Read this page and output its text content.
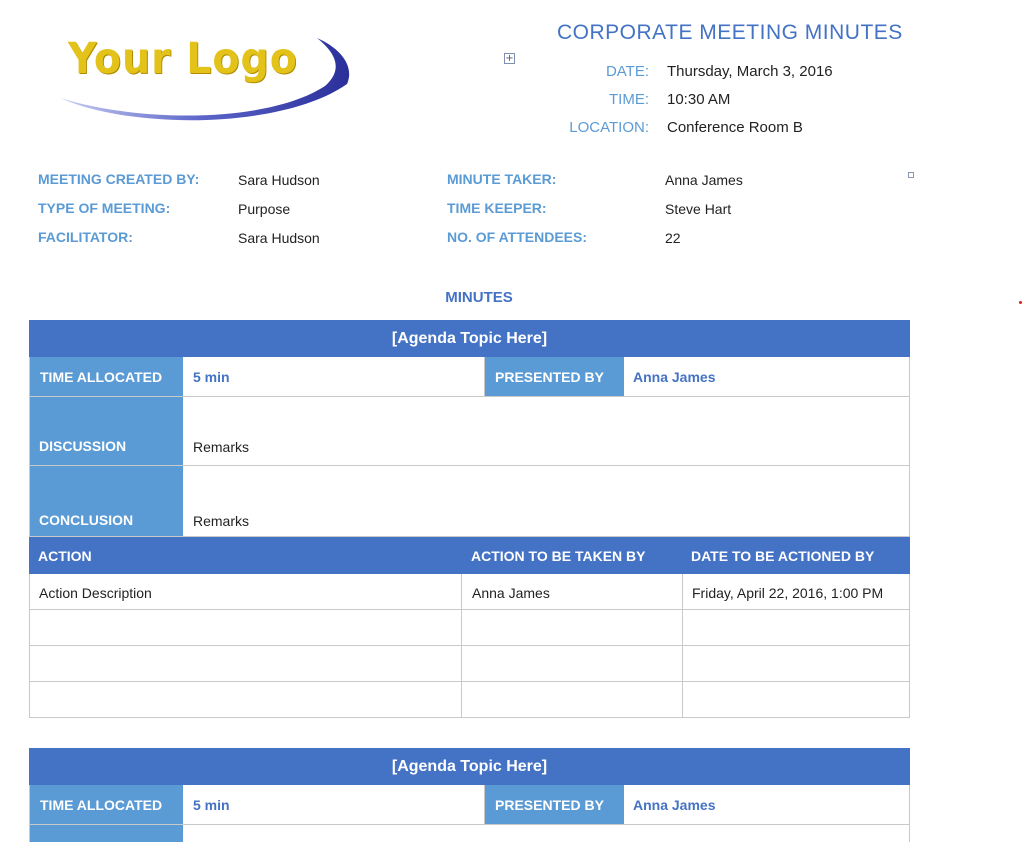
Your Logo	+
CORPORATE MEETING MINUTES
DATE: Thursday, March 3, 2016
TIME: 10:30 AM
LOCATION: Conference Room B
MEETING CREATED BY:	Sara Hudson
TYPE OF MEETING:	Purpose
FACILITATOR:	Sara Hudson
MINUTE TAKER:	Anna James
TIME KEEPER:	Steve Hart
NO. OF ATTENDEES:	22
MINUTES
[Agenda Topic Here]
TIME ALLOCATED	5 min	PRESENTED BY	Anna James
DISCUSSION	Remarks
CONCLUSION	Remarks
ACTION	ACTION TO BE TAKEN BY	DATE TO BE ACTIONED BY
Action Description	Anna James	Friday, April 22, 2016, 1:00 PM
[Agenda Topic Here]
TIME ALLOCATED	5 min	PRESENTED BY	Anna James
